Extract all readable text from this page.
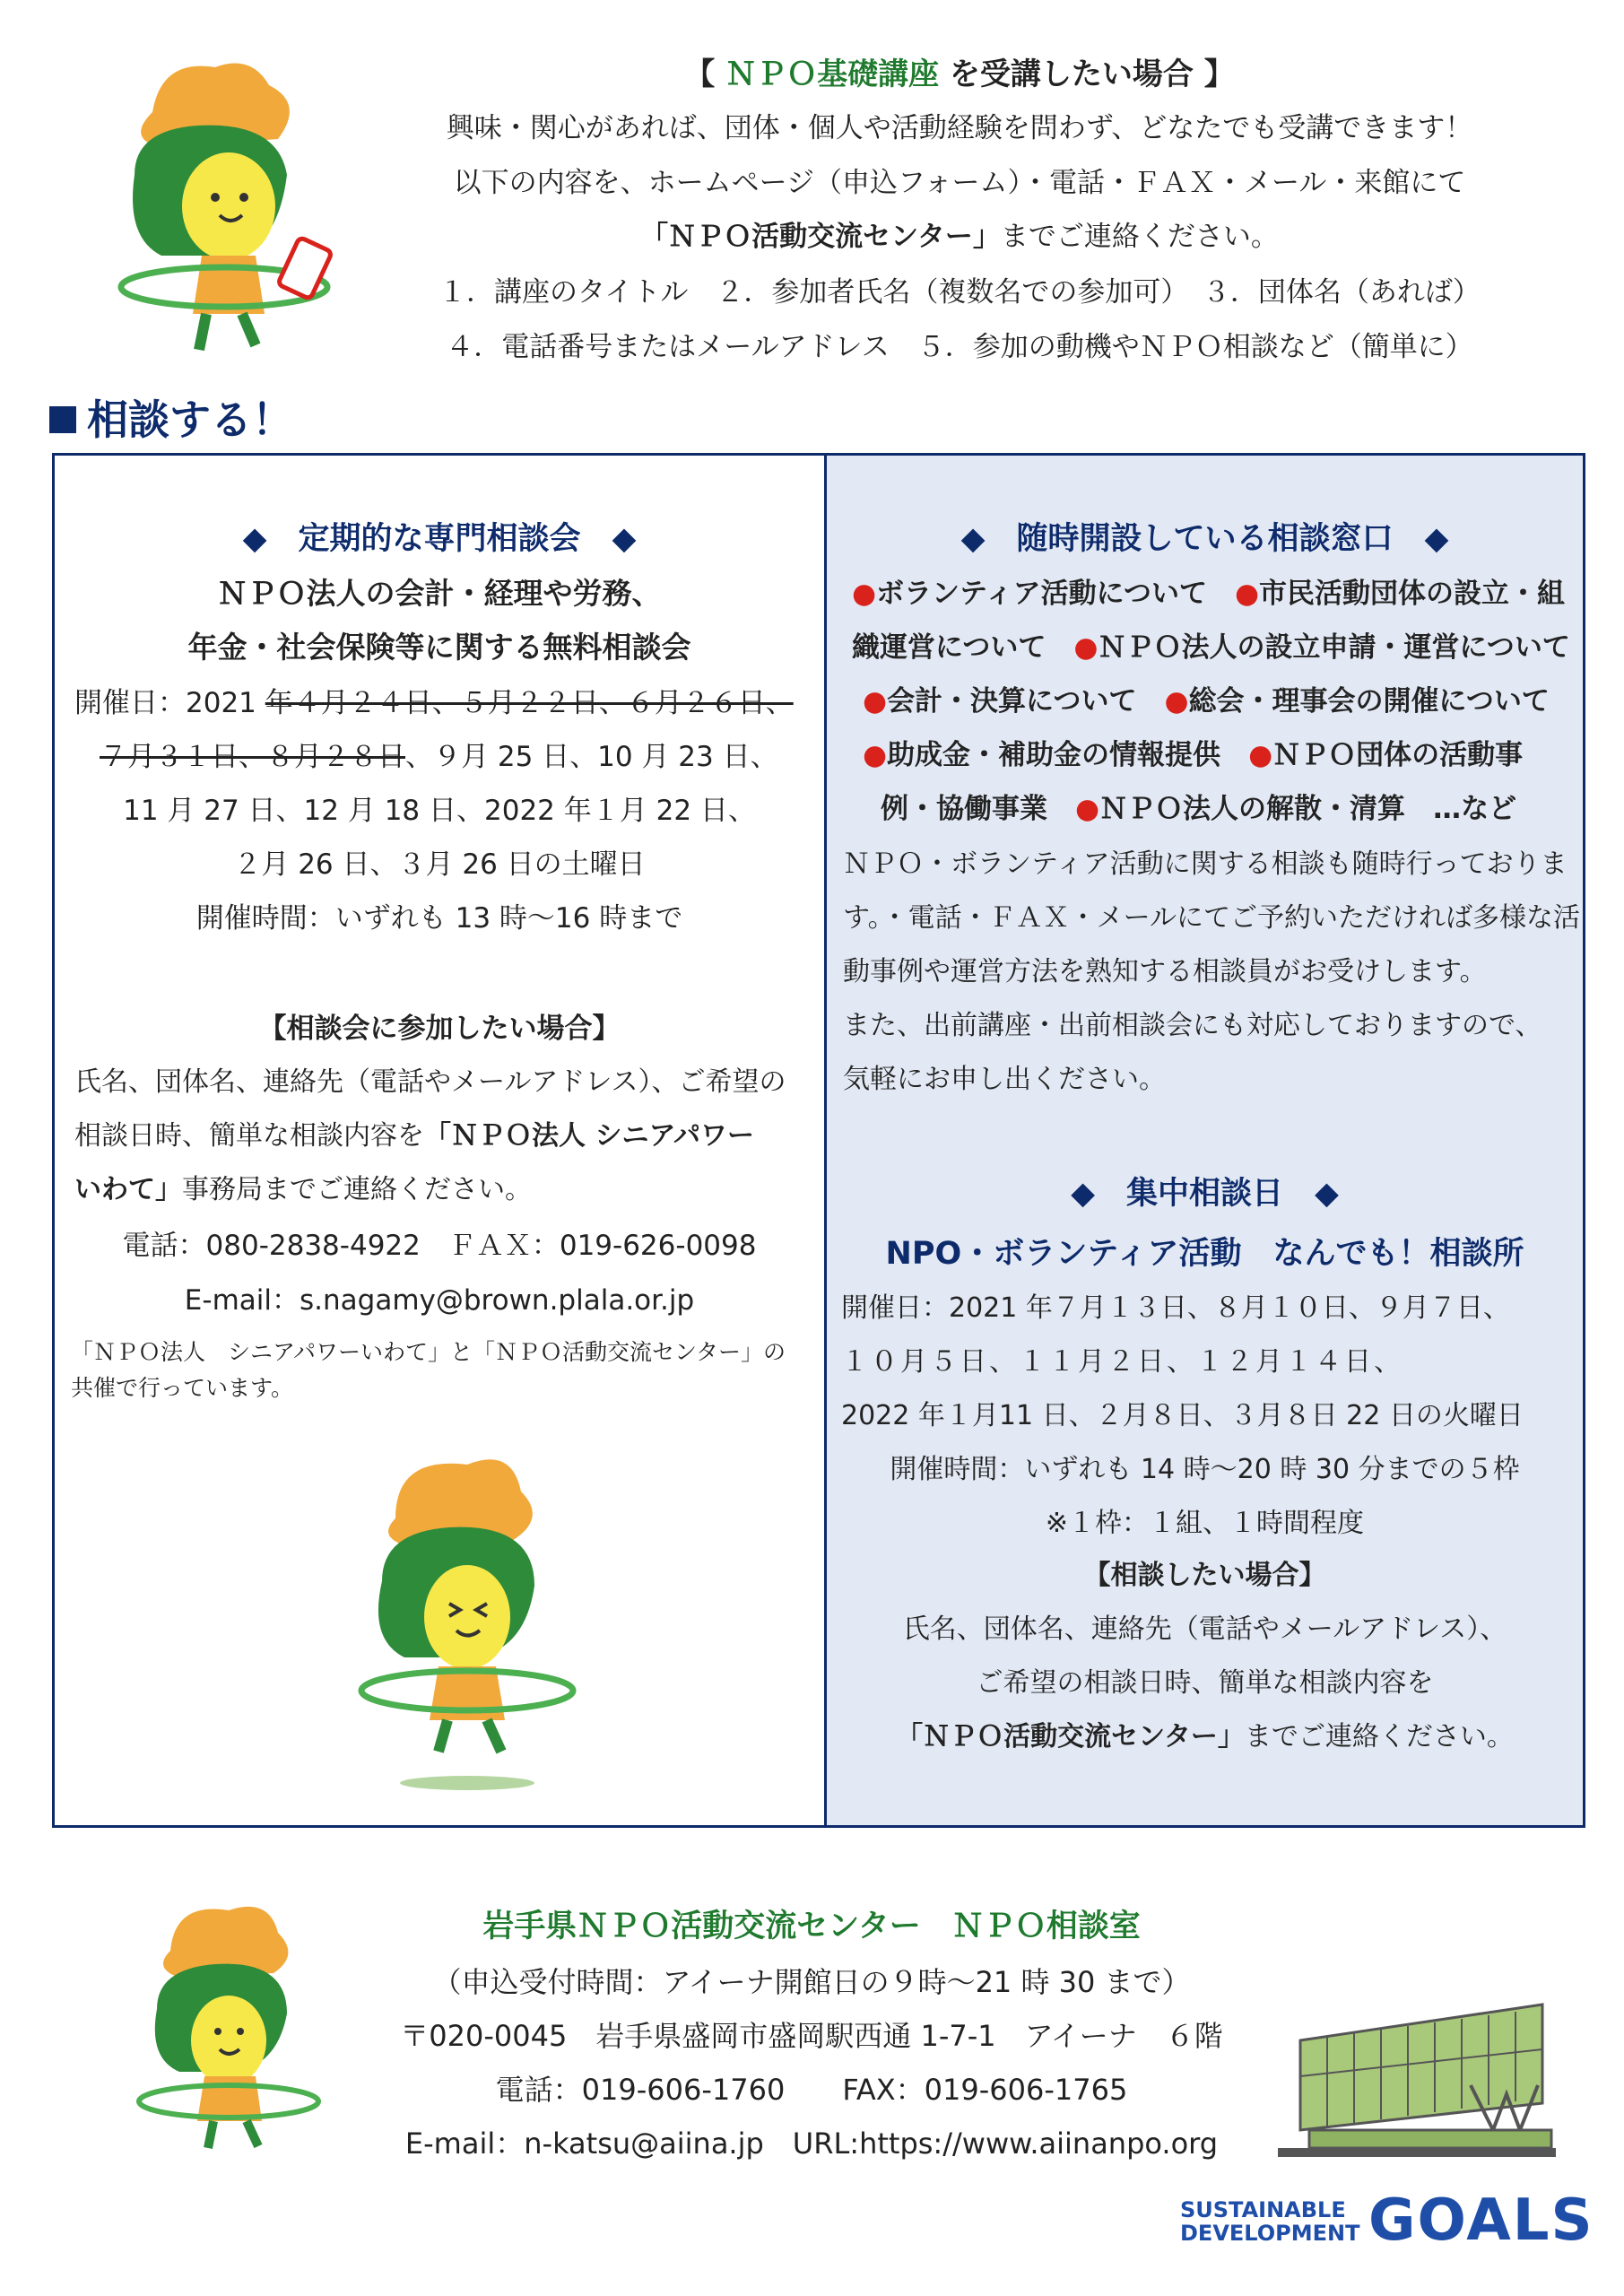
【 ＮＰＯ基礎講座 を受講したい場合 】
興味・関心があれば、団体・個人や活動経験を問わず、どなたでも受講できます！
以下の内容を、ホームページ（申込フォーム）・電話・ＦＡＸ・メール・来館にて
「ＮＰＯ活動交流センター」までご連絡ください。
１．講座のタイトル　２．参加者氏名（複数名での参加可）　３．団体名（あれば）
４．電話番号またはメールアドレス　５．参加の動機やＮＰＯ相談など（簡単に）
相談する！
◆　定期的な専門相談会　◆
ＮＰＯ法人の会計・経理や労務、
年金・社会保険等に関する無料相談会
開催日：2021 年４月２４日、５月２２日、６月２６日、
７月３１日、８月２８日、９月 25 日、10 月 23 日、
11 月 27 日、12 月 18 日、2022 年１月 22 日、
２月 26 日、３月 26 日の土曜日
開催時間：いずれも 13 時～16 時まで
【相談会に参加したい場合】
氏名、団体名、連絡先（電話やメールアドレス）、ご希望の
相談日時、簡単な相談内容を「ＮＰＯ法人 シニアパワー
いわて」事務局までご連絡ください。
電話：080-2838-4922　ＦＡＸ：019-626-0098
E-mail：s.nagamy@brown.plala.or.jp
「ＮＰＯ法人　シニアパワーいわて」と「ＮＰＯ活動交流センター」の
共催で行っています。
◆　随時開設している相談窓口　◆
●ボランティア活動について　 ●市民活動団体の設立・組
織運営について　 ●ＮＰＯ法人の設立申請・運営について
●会計・決算について　 ●総会・理事会の開催について
●助成金・補助金の情報提供　 ●ＮＰＯ団体の活動事
例・協働事業　 ●ＮＰＯ法人の解散・清算　 …など
ＮＰＯ・ボランティア活動に関する相談も随時行っておりま
す。・電話・ＦＡＸ・メールにてご予約いただければ多様な活
動事例や運営方法を熟知する相談員がお受けします。
また、出前講座・出前相談会にも対応しておりますので、
気軽にお申し出ください。
◆　集中相談日　◆
NPO・ボランティア活動　なんでも！相談所
開催日：2021 年７月１３日、８月１０日、９月７日、
１０月５日、１１月２日、１２月１４日、
2022 年１月11 日、２月８日、３月８日 22 日の火曜日
開催時間：いずれも 14 時～20 時 30 分までの５枠
※１枠：１組、１時間程度
【相談したい場合】
氏名、団体名、連絡先（電話やメールアドレス）、
ご希望の相談日時、簡単な相談内容を
「ＮＰＯ活動交流センター」までご連絡ください。
岩手県ＮＰＯ活動交流センター　ＮＰＯ相談室
（申込受付時間：アイーナ開館日の９時～21 時 30 まで）
〒020-0045　岩手県盛岡市盛岡駅西通 1-7-1　アイーナ　６階
電話：019-606-1760　　FAX：019-606-1765
E-mail：n-katsu@aiina.jp　URL:https://www.aiinanpo.org
SUSTAINABLE
DEVELOPMENT GOALS
